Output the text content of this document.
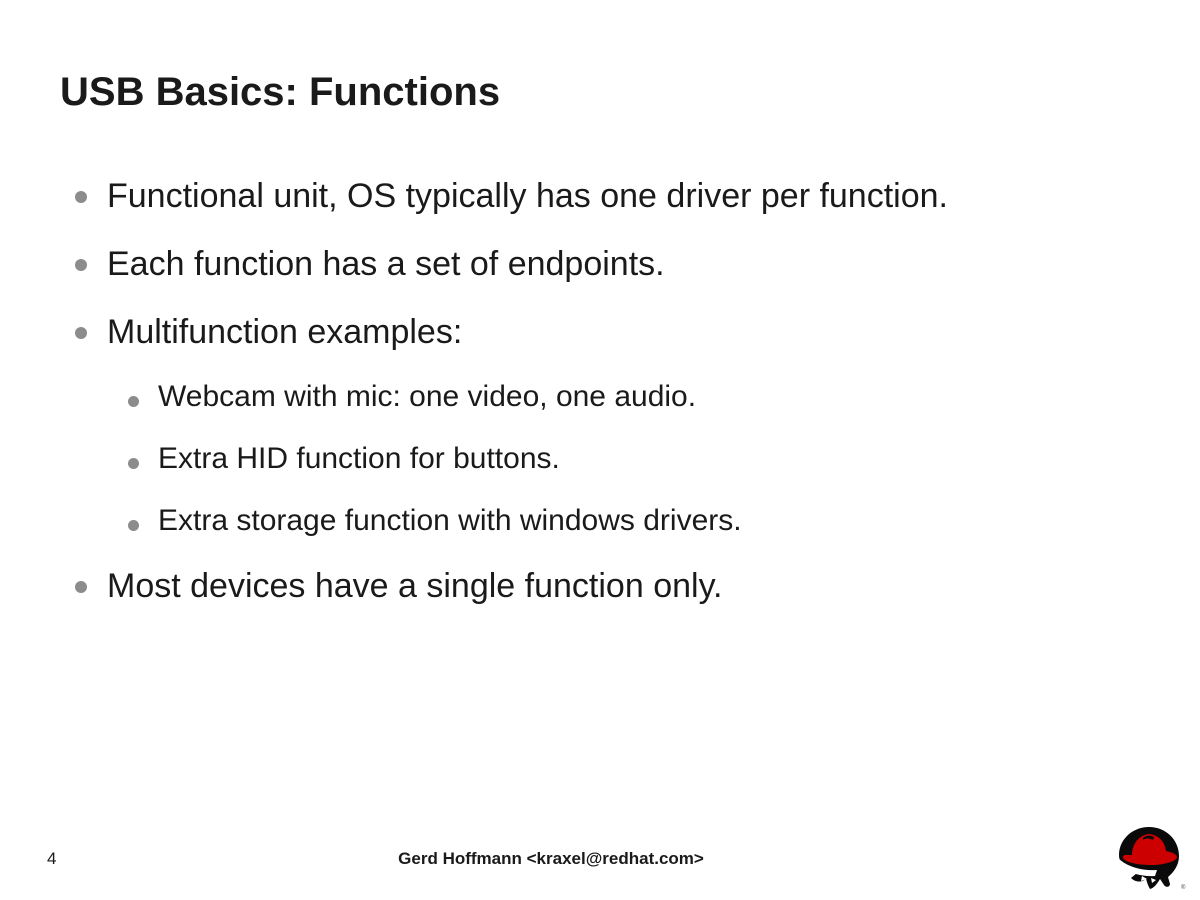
USB Basics: Functions
Functional unit, OS typically has one driver per function.
Each function has a set of endpoints.
Multifunction examples:
Webcam with mic: one video, one audio.
Extra HID function for buttons.
Extra storage function with windows drivers.
Most devices have a single function only.
4	Gerd Hoffmann <kraxel@redhat.com>
®
